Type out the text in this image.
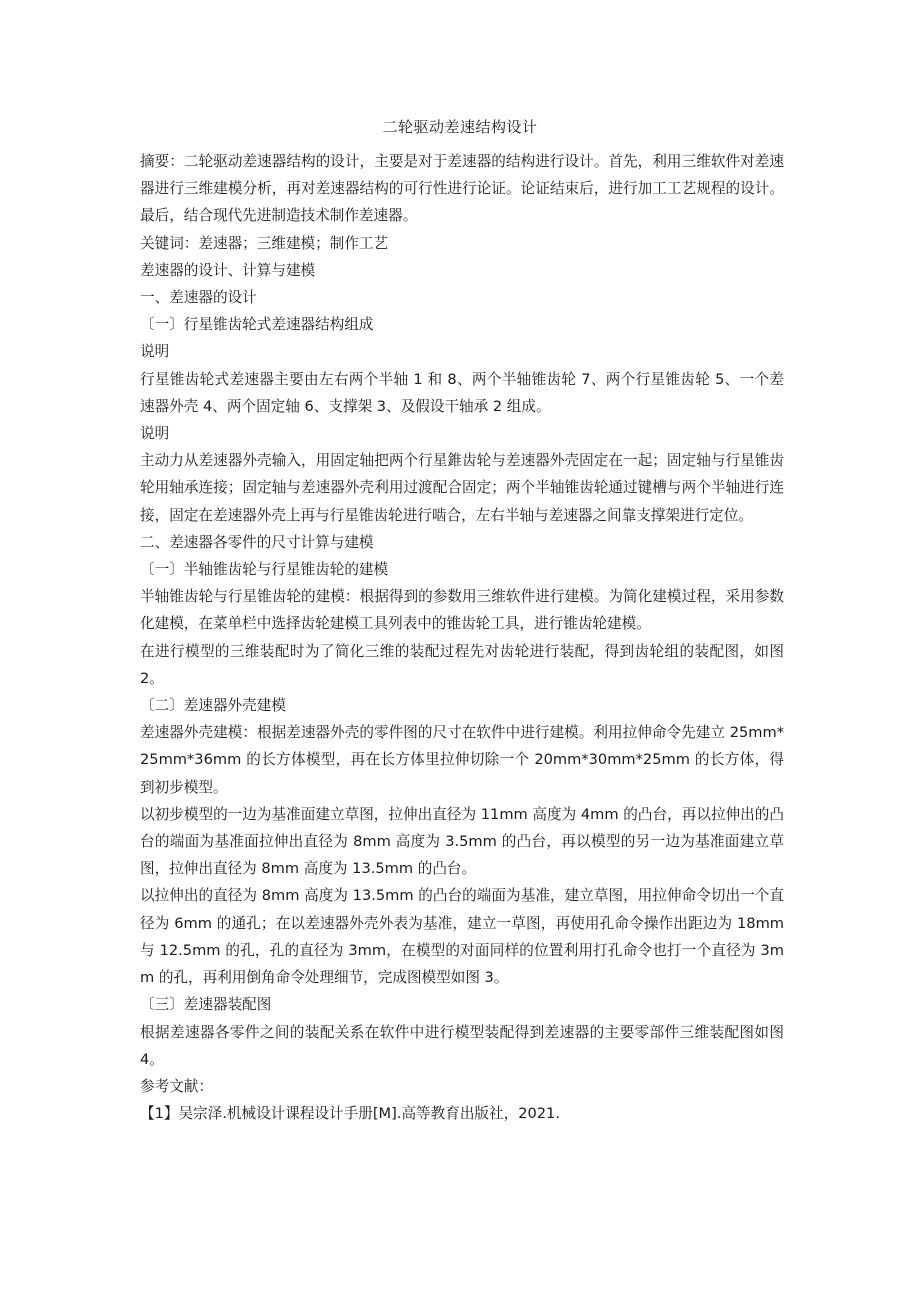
二轮驱动差速结构设计

摘要：二轮驱动差速器结构的设计，主要是对于差速器的结构进行设计。首先，利用三维软件对差速器进行三维建模分析，再对差速器结构的可行性进行论证。论证结束后，进行加工工艺规程的设计。最后，结合现代先进制造技术制作差速器。

关键词：差速器；三维建模；制作工艺

差速器的设计、计算与建模

一、差速器的设计

〔一〕行星锥齿轮式差速器结构组成

说明

行星锥齿轮式差速器主要由左右两个半轴 1 和 8、两个半轴锥齿轮 7、两个行星锥齿轮 5、一个差速器外壳 4、两个固定轴 6、支撑架 3、及假设干轴承 2 组成。

说明

主动力从差速器外壳输入，用固定轴把两个行星錐齿轮与差速器外壳固定在一起；固定轴与行星锥齿轮用轴承连接；固定轴与差速器外壳利用过渡配合固定；两个半轴锥齿轮通过键槽与两个半轴进行连接，固定在差速器外壳上再与行星锥齿轮进行啮合，左右半轴与差速器之间靠支撑架进行定位。

二、差速器各零件的尺寸计算与建模

〔一〕半轴锥齿轮与行星锥齿轮的建模

半轴锥齿轮与行星锥齿轮的建模：根据得到的参数用三维软件进行建模。为简化建模过程，采用参数化建模，在菜单栏中选择齿轮建模工具列表中的锥齿轮工具，进行锥齿轮建模。

在进行模型的三维装配时为了简化三维的装配过程先对齿轮进行装配，得到齿轮组的装配图，如图 2。

〔二〕差速器外壳建模

差速器外壳建模：根据差速器外壳的零件图的尺寸在软件中进行建模。利用拉伸命令先建立 25mm*25mm*36mm 的长方体模型，再在长方体里拉伸切除一个 20mm*30mm*25mm 的长方体，得到初步模型。

以初步模型的一边为基准面建立草图，拉伸出直径为 11mm 高度为 4mm 的凸台，再以拉伸出的凸台的端面为基准面拉伸出直径为 8mm 高度为 3.5mm 的凸台，再以模型的另一边为基准面建立草图，拉伸出直径为 8mm 高度为 13.5mm 的凸台。

以拉伸出的直径为 8mm 高度为 13.5mm 的凸台的端面为基准，建立草图，用拉伸命令切出一个直径为 6mm 的通孔；在以差速器外壳外表为基准，建立一草图，再使用孔命令操作出距边为 18mm 与 12.5mm 的孔，孔的直径为 3mm，在模型的对面同样的位置利用打孔命令也打一个直径为 3mm 的孔，再利用倒角命令处理细节，完成图模型如图 3。

〔三〕差速器装配图

根据差速器各零件之间的装配关系在软件中进行模型装配得到差速器的主要零部件三维装配图如图 4。

参考文献：

【1】吴宗泽.机械设计课程设计手册[M].高等教育出版社，2021.
